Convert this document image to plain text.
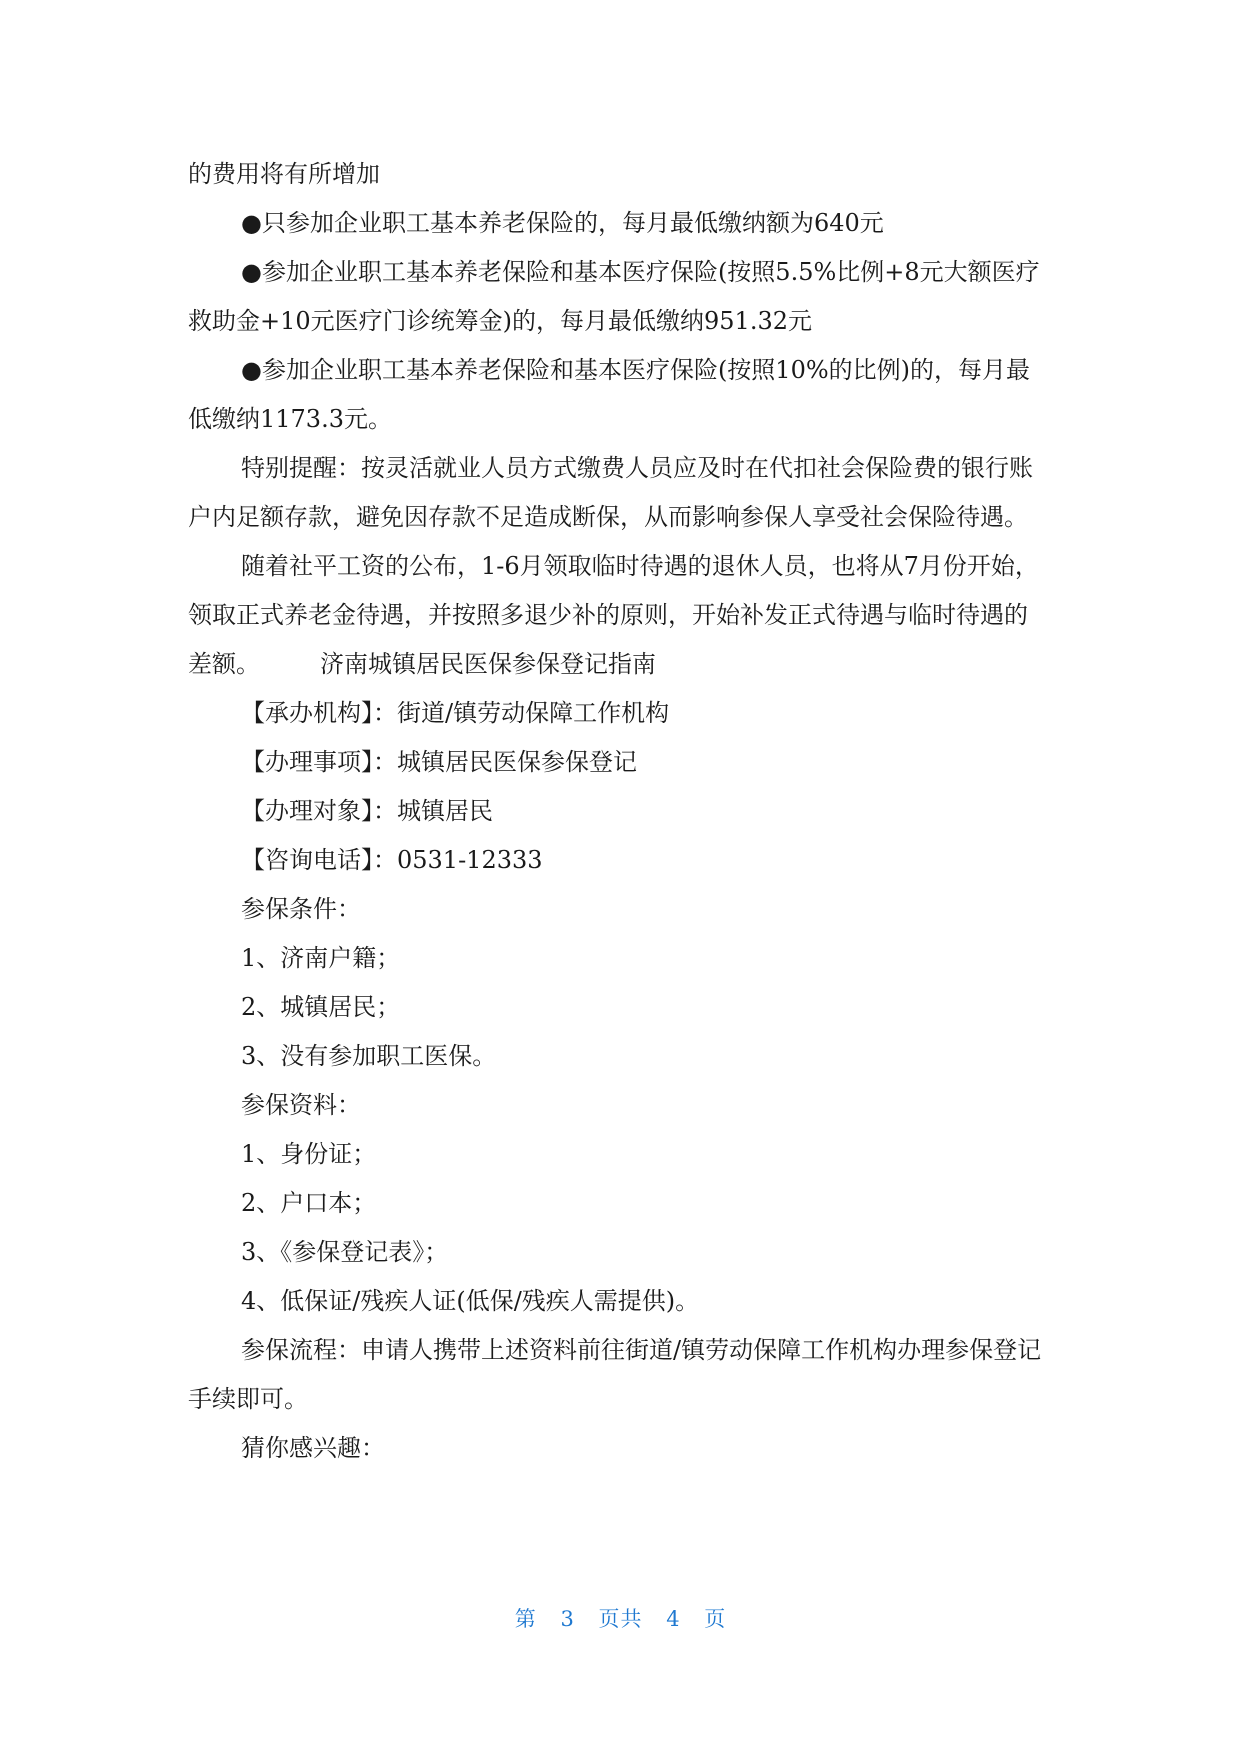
的费用将有所增加

●只参加企业职工基本养老保险的，每月最低缴纳额为640元

●参加企业职工基本养老保险和基本医疗保险(按照5.5%比例+8元大额医疗救助金+10元医疗门诊统筹金)的，每月最低缴纳951.32元

●参加企业职工基本养老保险和基本医疗保险(按照10%的比例)的，每月最低缴纳1173.3元。

特别提醒：按灵活就业人员方式缴费人员应及时在代扣社会保险费的银行账户内足额存款，避免因存款不足造成断保，从而影响参保人享受社会保险待遇。

随着社平工资的公布，1-6月领取临时待遇的退休人员，也将从7月份开始，领取正式养老金待遇，并按照多退少补的原则，开始补发正式待遇与临时待遇的差额。	济南城镇居民医保参保登记指南

【承办机构】：街道/镇劳动保障工作机构

【办理事项】：城镇居民医保参保登记

【办理对象】：城镇居民

【咨询电话】：0531-12333

参保条件：

1、济南户籍；

2、城镇居民；

3、没有参加职工医保。

参保资料：

1、身份证；

2、户口本；

3、《参保登记表》；

4、低保证/残疾人证(低保/残疾人需提供)。

参保流程：申请人携带上述资料前往街道/镇劳动保障工作机构办理参保登记手续即可。

猜你感兴趣：

第 3 页共 4 页
